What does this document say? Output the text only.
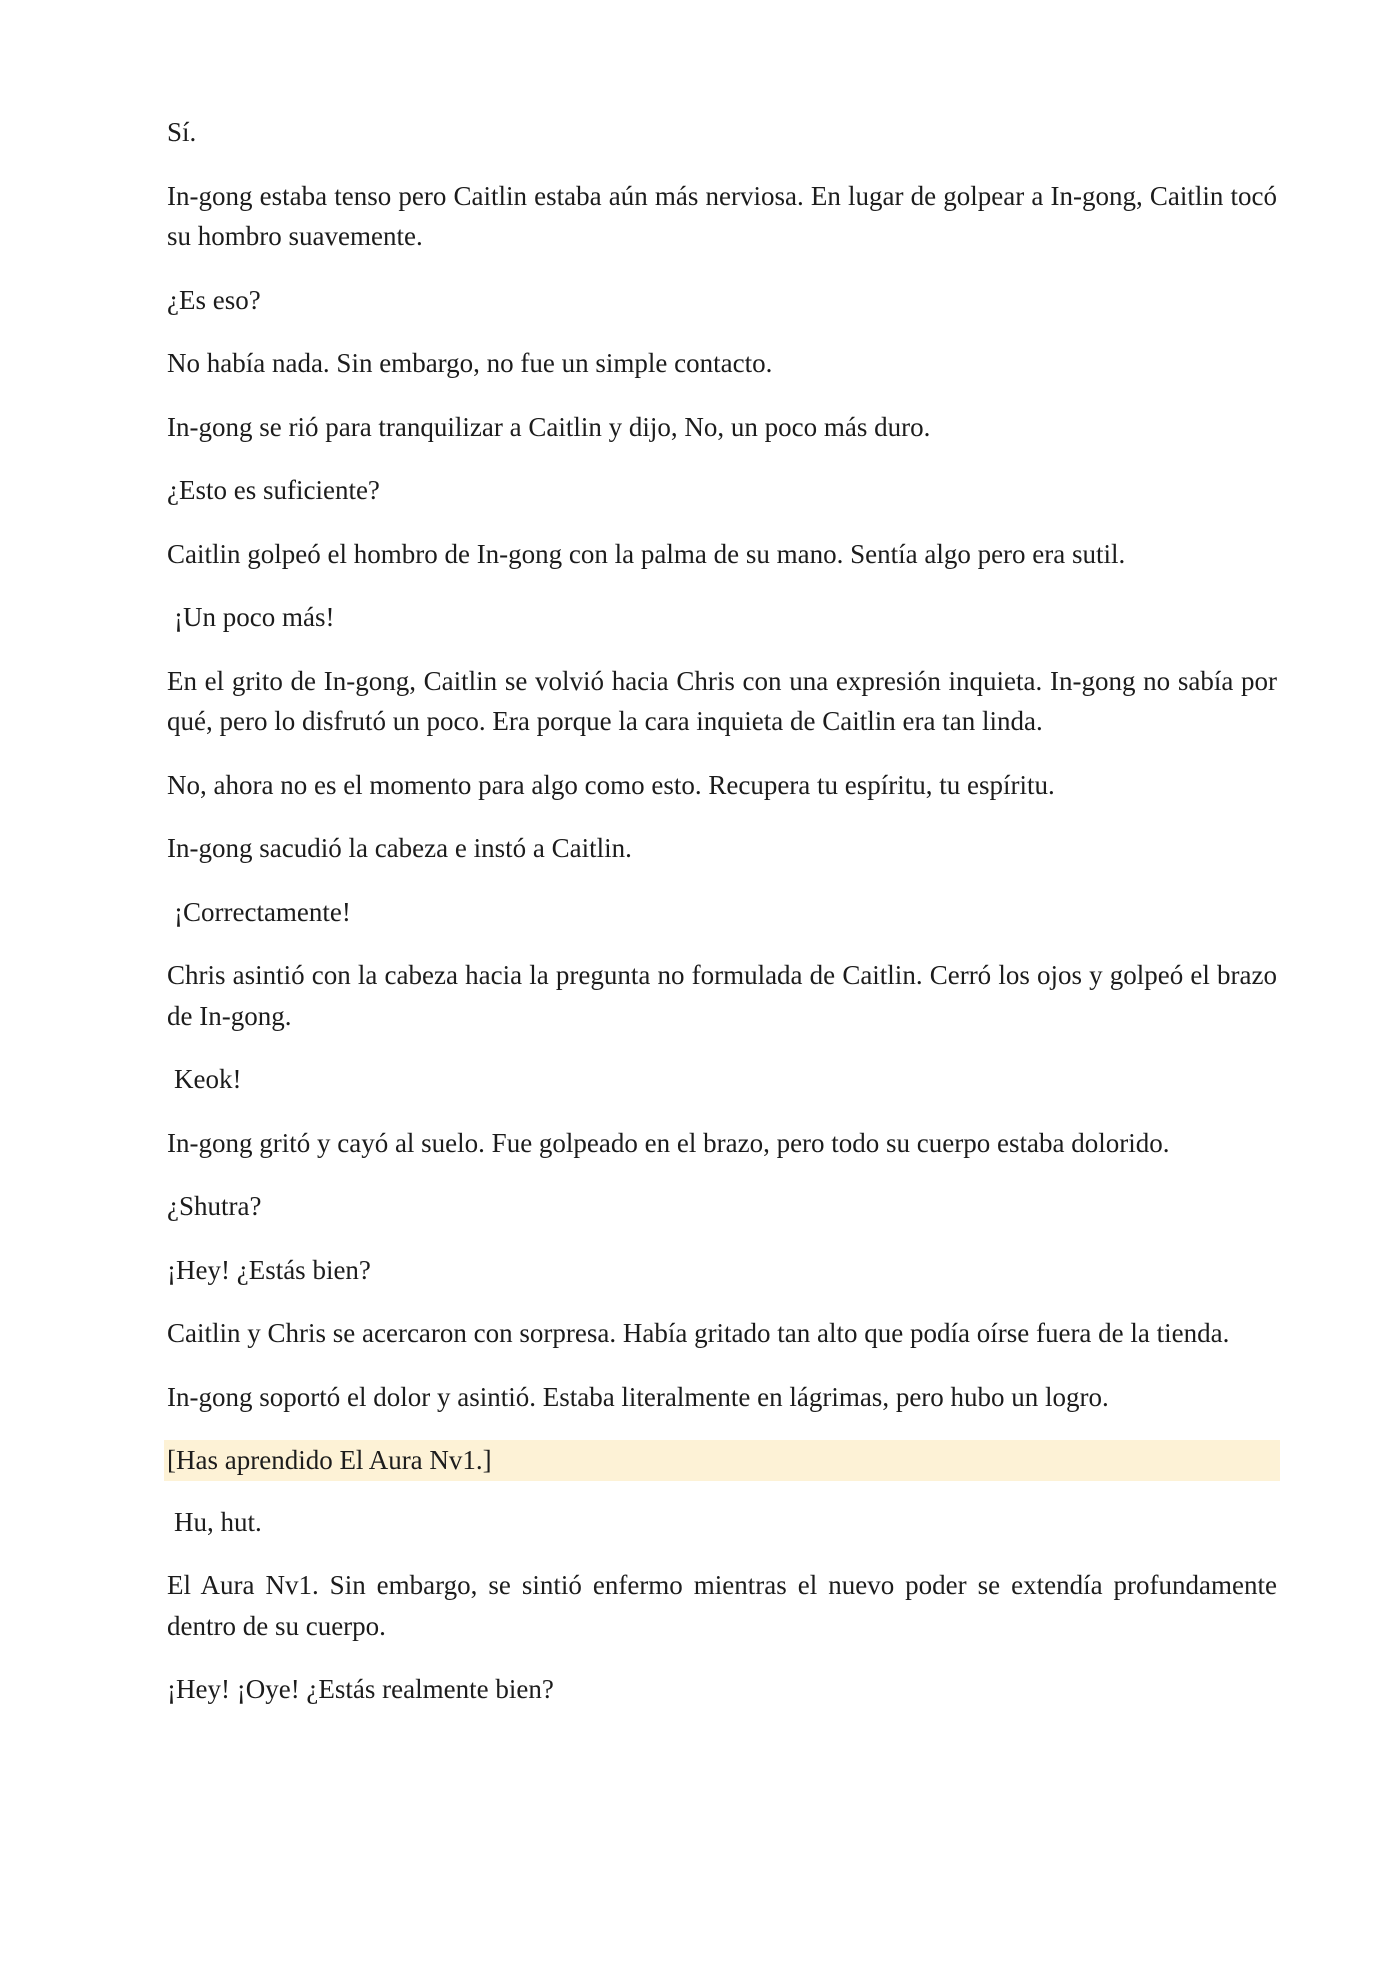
Sí.

In-gong estaba tenso pero Caitlin estaba aún más nerviosa. En lugar de golpear a In-gong, Caitlin tocó su hombro suavemente.

¿Es eso?

No había nada. Sin embargo, no fue un simple contacto.

In-gong se rió para tranquilizar a Caitlin y dijo, No, un poco más duro.

¿Esto es suficiente?

Caitlin golpeó el hombro de In-gong con la palma de su mano. Sentía algo pero era sutil.

¡Un poco más!

En el grito de In-gong, Caitlin se volvió hacia Chris con una expresión inquieta. In-gong no sabía por qué, pero lo disfrutó un poco. Era porque la cara inquieta de Caitlin era tan linda.

No, ahora no es el momento para algo como esto. Recupera tu espíritu, tu espíritu.

In-gong sacudió la cabeza e instó a Caitlin.

¡Correctamente!

Chris asintió con la cabeza hacia la pregunta no formulada de Caitlin. Cerró los ojos y golpeó el brazo de In-gong.

Keok!

In-gong gritó y cayó al suelo. Fue golpeado en el brazo, pero todo su cuerpo estaba dolorido.

¿Shutra?

¡Hey! ¿Estás bien?

Caitlin y Chris se acercaron con sorpresa. Había gritado tan alto que podía oírse fuera de la tienda.

In-gong soportó el dolor y asintió. Estaba literalmente en lágrimas, pero hubo un logro.

[Has aprendido El Aura Nv1.]

Hu, hut.

El Aura Nv1. Sin embargo, se sintió enfermo mientras el nuevo poder se extendía profundamente dentro de su cuerpo.

¡Hey! ¡Oye! ¿Estás realmente bien?
